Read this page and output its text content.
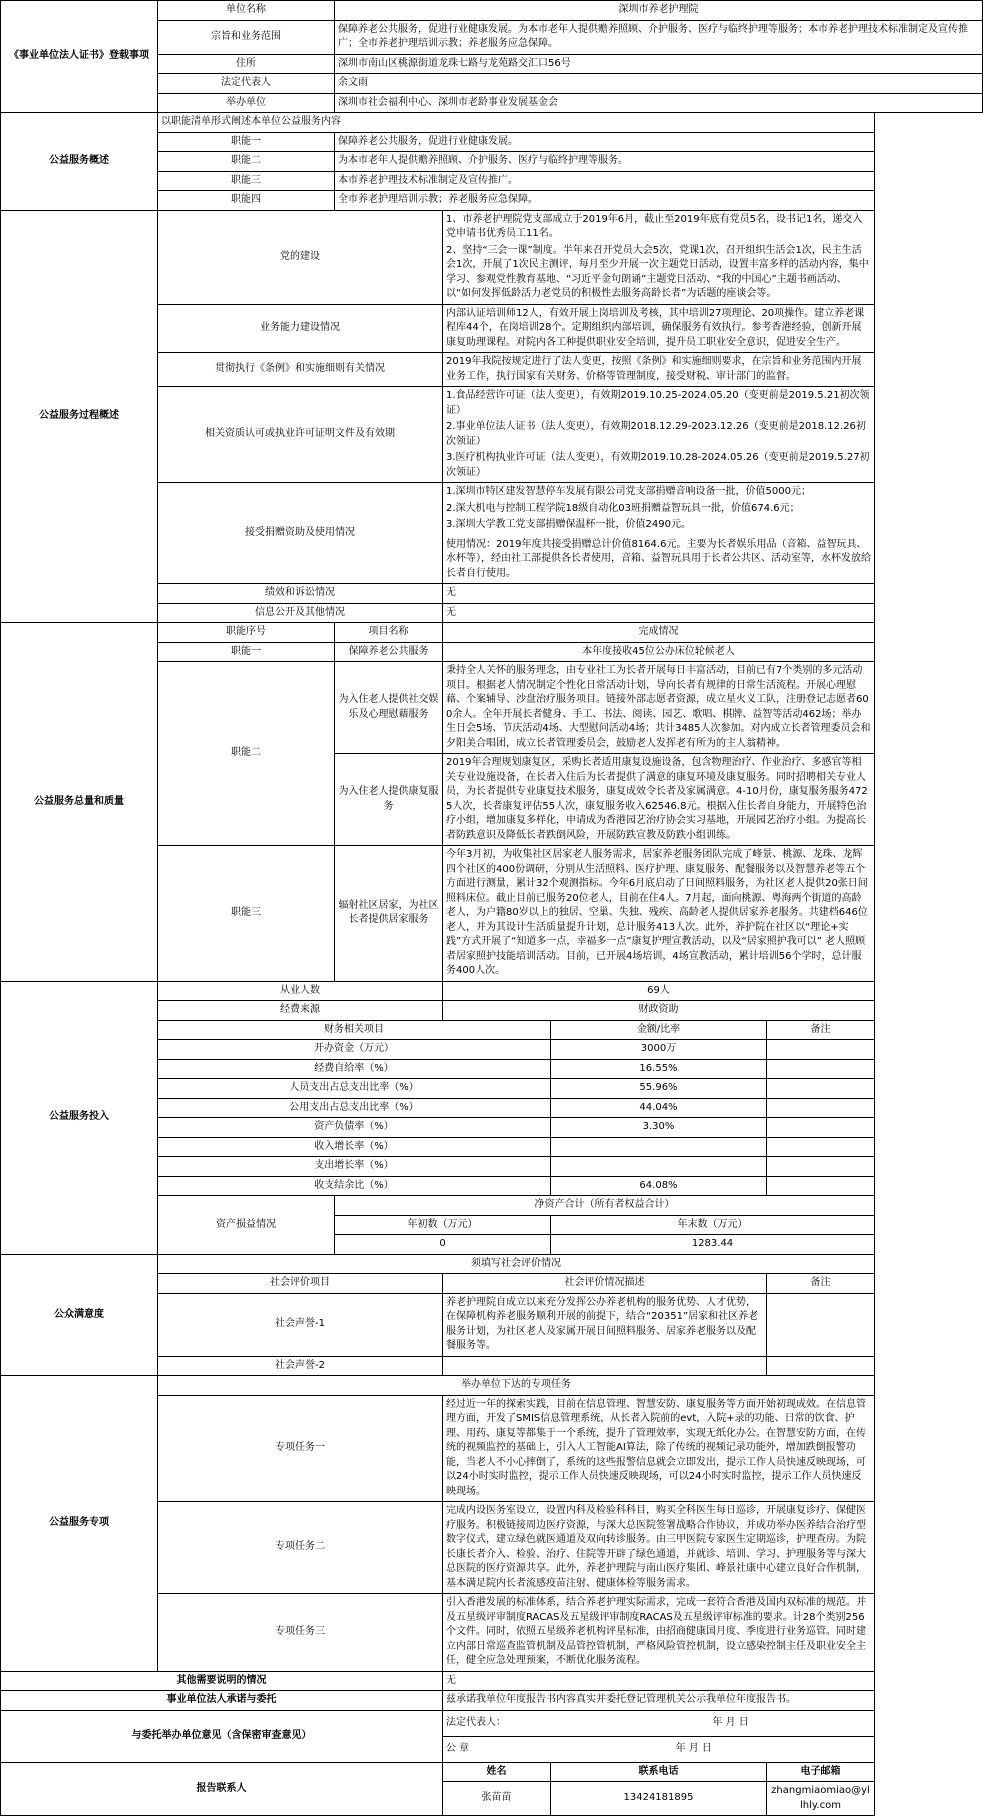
《事业单位法人证书》登载事项	单位名称	深圳市养老护理院			
	宗旨和业务范围	保障养老公共服务，促进行业健康发展。为本市老年人提供赡养照顾、介护服务、医疗与临终护理等服务；本市养老护理技术标准制定及宣传推广；全市养老护理培训示教；养老服务应急保障。			
	住所	深圳市南山区桃源街道龙珠七路与龙苑路交汇口56号			
	法定代表人	余文雨			
	举办单位	深圳市社会福利中心、深圳市老龄事业发展基金会			
公益服务概述	以职能清单形式阐述本单位公益服务内容				
	职能一	保障养老公共服务，促进行业健康发展。			
	职能二	为本市老年人提供赡养照顾、介护服务、医疗与临终护理等服务。			
	职能三	本市养老护理技术标准制定及宣传推广。			
	职能四	全市养老护理培训示教；养老服务应急保障。			
公益服务过程概述	党的建设		1、市养老护理院党支部成立于2019年6月，截止至2019年底有党员5名，设书记1名，递交入党申请书优秀员工11名。
2、坚持“三会一课”制度。半年来召开党员大会5次，党课1次，召开组织生活会1次，民主生活会1次，开展了1次民主测评，每月至少开展一次主题党日活动，设置丰富多样的活动内容，集中学习、参观党性教育基地、“习近平金句朗诵”主题党日活动、“我的中国心”主题书画活动、以“如何发挥低龄活力老党员的积极性去服务高龄长者”为话题的座谈会等。		

	业务能力建设情况		内部认证培训师12人，有效开展上岗培训及考核，其中培训27项理论、20项操作。建立养老课程库44个，在岗培训28个。定期组织内部培训，确保服务有效执行。参考香港经验，创新开展康复助理课程。对院内各工种提供职业安全培训，提升员工职业安全意识，促进安全生产。		
	贯彻执行《条例》和实施细则有关情况		2019年我院按规定进行了法人变更，按照《条例》和实施细则要求，在宗旨和业务范围内开展业务工作，执行国家有关财务、价格等管理制度，接受财税、审计部门的监督。		
	相关资质认可或执业许可证明文件及有效期		1.食品经营许可证（法人变更），有效期2019.10.25-2024.05.20（变更前是2019.5.21初次领证）
2.事业单位法人证书（法人变更），有效期2018.12.29-2023.12.26（变更前是2018.12.26初次领证）
3.医疗机构执业许可证（法人变更），有效期2019.10.28-2024.05.26（变更前是2019.5.27初次领证）		

	接受捐赠资助及使用情况		1.深圳市特区建发智慧停车发展有限公司党支部捐赠音响设备一批，价值5000元；
2.深大机电与控制工程学院18级自动化03班捐赠益智玩具一批，价值674.6元；
3.深圳大学教工党支部捐赠保温杯一批，价值2490元。
使用情况：2019年度共接受捐赠总计价值8164.6元。主要为长者娱乐用品（音箱、益智玩具、水杯等），经由社工部提供各长者使用，音箱、益智玩具用于长者公共区、活动室等，水杯发放给长者自行使用。		

	绩效和诉讼情况		无		
	信息公开及其他情况		无		
公益服务总量和质量	职能序号	项目名称	完成情况		
	职能一	保障养老公共服务	本年度接收45位公办床位轮候老人		
	职能二	为入住老人提供社交娱乐及心理慰藉服务	秉持全人关怀的服务理念，由专业社工为长者开展每日丰富活动，目前已有7个类别的多元活动项目。根据老人情况制定个性化日常活动计划，导向长者有规律的日常生活流程。开展心理慰藉、个案辅导、沙盘治疗服务项目。链接外部志愿者资源，成立星火义工队，注册登记志愿者600余人。全年开展长者健身、手工、书法、阅读、园艺、歌唱、棋牌、益智等活动462场；举办生日会5场、节庆活动4场、大型慰问活动4场；共计3485人次参加。对内成立长者管理委员会和夕阳美合唱团，成立长者管理委员会，鼓励老人发挥老有所为的主人翁精神。		
		为入住老人提供康复服务	2019年合理规划康复区，采购长者适用康复设施设备，包含物理治疗、作业治疗、多感官等相关专业设施设备，在长者入住后为长者提供了满意的康复环境及康复服务。同时招聘相关专业人员，为长者提供专业康复技术服务，康复成效令长者及家属满意。4-10月份，康复服务服务4725人次，长者康复评估55人次，康复服务收入62546.8元。根据入住长者自身能力，开展特色治疗小组，增加康复多样化，申请成为香港园艺治疗协会实习基地，开展园艺治疗小组。为提高长者防跌意识及降低长者跌倒风险，开展防跌宣教及防跌小组训练。		
	职能三	辐射社区居家，为社区长者提供居家服务	今年3月初，为收集社区居家老人服务需求，居家养老服务团队完成了峰景、桃源、龙珠、龙辉四个社区的400份调研，分别从生活照料、医疗护理、康复服务、配餐服务以及智慧养老等五个方面进行测量，累计32个观测指标。今年6月底启动了日间照料服务，为社区老人提供20张日间照料床位。截止目前已服务20位老人，目前在住4人。7月起，面向桃源、粤海两个街道的高龄老人，为户籍80岁以上的独居、空巢、失独、残疾、高龄老人提供居家养老服务。共建档646位老人，并为其设计生活质量提升计划，总计服务413人次。此外，养护院在社区以“理论+实践”方式开展了“知道多一点，幸福多一点”康复护理宣教活动，以及“居家照护我可以” 老人照顾者居家照护技能培训活动。目前，已开展4场培训，4场宣教活动，累计培训56个学时，总计服务400人次。		
公益服务投入	从业人数		69人		
	经费来源		财政资助		
	财务相关项目			金额/比率	备注
	开办资金（万元）			3000万	
	经费自给率（%）			16.55%	
	人员支出占总支出比率（%）			55.96%	
	公用支出占总支出比率（%）			44.04%	
	资产负债率（%）			3.30%	
	收入增长率（%）				
	支出增长率（%）				
	收支结余比（%）			64.08%	
	资产损益情况	净资产合计（所有者权益合计）			
		年初数（万元）		年末数（万元）	
		0		1283.44	
公众满意度	须填写社会评价情况				
	社会评价项目		社会评价情况描述		备注
	社会声誉-1		养老护理院自成立以来充分发挥公办养老机构的服务优势、人才优势，在保障机构养老服务顺利开展的前提下，结合“20351”居家和社区养老服务计划，为社区老人及家属开展日间照料服务、居家养老服务以及配餐服务等。		
	社会声誉-2				
公益服务专项	举办单位下达的专项任务				
	专项任务一		经过近一年的探索实践，目前在信息管理、智慧安防、康复服务等方面开始初现成效。在信息管理方面，开发了SMIS信息管理系统，从长者入院前的evt，入院+录的功能、日常的饮食、护理、用药、康复等都集于一个系统，提升了管理效率，实现无纸化办公。在智慧安防方面，在传统的视频监控的基础上，引入人工智能AI算法，除了传统的视频记录功能外，增加跌倒报警功能，当老人不小心摔倒了，系统的这些报警信息就会立即发出，提示工作人员快速反映现场，可以24小时实时监控，提示工作人员快速反映现场，可以24小时实时监控，提示工作人员快速反映现场。		
	专项任务二		完成内设医务室设立，设置内科及检验科科目，购买全科医生每日巡诊，开展康复诊疗、保健医疗服务。积极链接周边医疗资源，与深大总医院签署战略合作协议，并成功举办医养结合治疗型数字仪式，建立绿色就医通道及双向转诊服务。由三甲医院专家医生定期巡诊，护理查房。为院长康长者介入、检验、治疗、住院等开辟了绿色通道，并就诊、培训、学习、护理服务等与深大总医院的医疗资源共享。此外，养老护理院与南山医疗集团、峰景社康中心建立良好合作机制，基本满足院内长者流感疫苗注射、健康体检等服务需求。		
	专项任务三		引入香港发展的标准体系，结合养老护理实际需求，完成一套符合香港及国内双标准的规范。并及五星级评审制度RACAS及五星级评审制度RACAS及五星级评审标准的要求。计28个类别256个文件。同时，依照五星级养老机构评星标准，由招商健康国月度、季度进行业务巡管。同时建立内部日常巡查监管机制及品管控管机制，严格风险管控机制，设立感染控制主任及职业安全主任，健全应急处理预案，不断优化服务流程。		
其他需要说明的情况			无		
事业单位法人承诺与委托			兹承诺我单位年度报告书内容真实并委托登记管理机关公示我单位年度报告书。		
与委托举办单位意见（含保密审查意见）			法定代表人： 年 月 日		
			公 章 年 月 日		
报告联系人			姓名	联系电话	电子邮箱
			张苗苗	13424181895	zhangmiaomiao@yllhly.com
